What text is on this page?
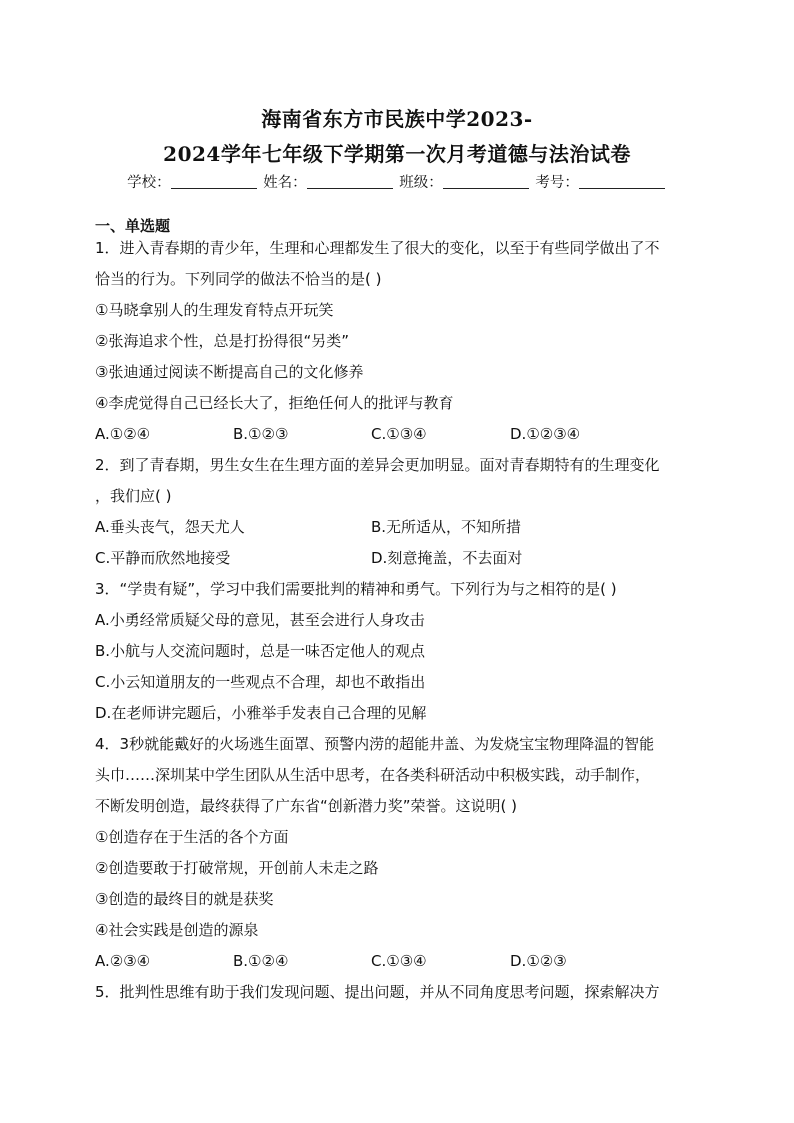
海南省东方市民族中学2023-
2024学年七年级下学期第一次月考道德与法治试卷
学校：	姓名：	班级：	考号：
一、单选题
1．进入青春期的青少年，生理和心理都发生了很大的变化，以至于有些同学做出了不
恰当的行为。下列同学的做法不恰当的是( )
①马晓拿别人的生理发育特点开玩笑
②张海追求个性，总是打扮得很“另类”
③张迪通过阅读不断提高自己的文化修养
④李虎觉得自己已经长大了，拒绝任何人的批评与教育
A.①②④	B.①②③	C.①③④	D.①②③④
2．到了青春期，男生女生在生理方面的差异会更加明显。面对青春期特有的生理变化
，我们应( )
A.垂头丧气，怨天尤人	B.无所适从，不知所措
C.平静而欣然地接受	D.刻意掩盖，不去面对
3．“学贵有疑”，学习中我们需要批判的精神和勇气。下列行为与之相符的是( )
A.小勇经常质疑父母的意见，甚至会进行人身攻击
B.小航与人交流问题时，总是一味否定他人的观点
C.小云知道朋友的一些观点不合理，却也不敢指出
D.在老师讲完题后，小雅举手发表自己合理的见解
4．3秒就能戴好的火场逃生面罩、预警内涝的超能井盖、为发烧宝宝物理降温的智能
头巾……深圳某中学生团队从生活中思考，在各类科研活动中积极实践，动手制作，
不断发明创造，最终获得了广东省“创新潜力奖”荣誉。这说明( )
①创造存在于生活的各个方面
②创造要敢于打破常规，开创前人未走之路
③创造的最终目的就是获奖
④社会实践是创造的源泉
A.②③④	B.①②④	C.①③④	D.①②③
5．批判性思维有助于我们发现问题、提出问题，并从不同角度思考问题，探索解决方
